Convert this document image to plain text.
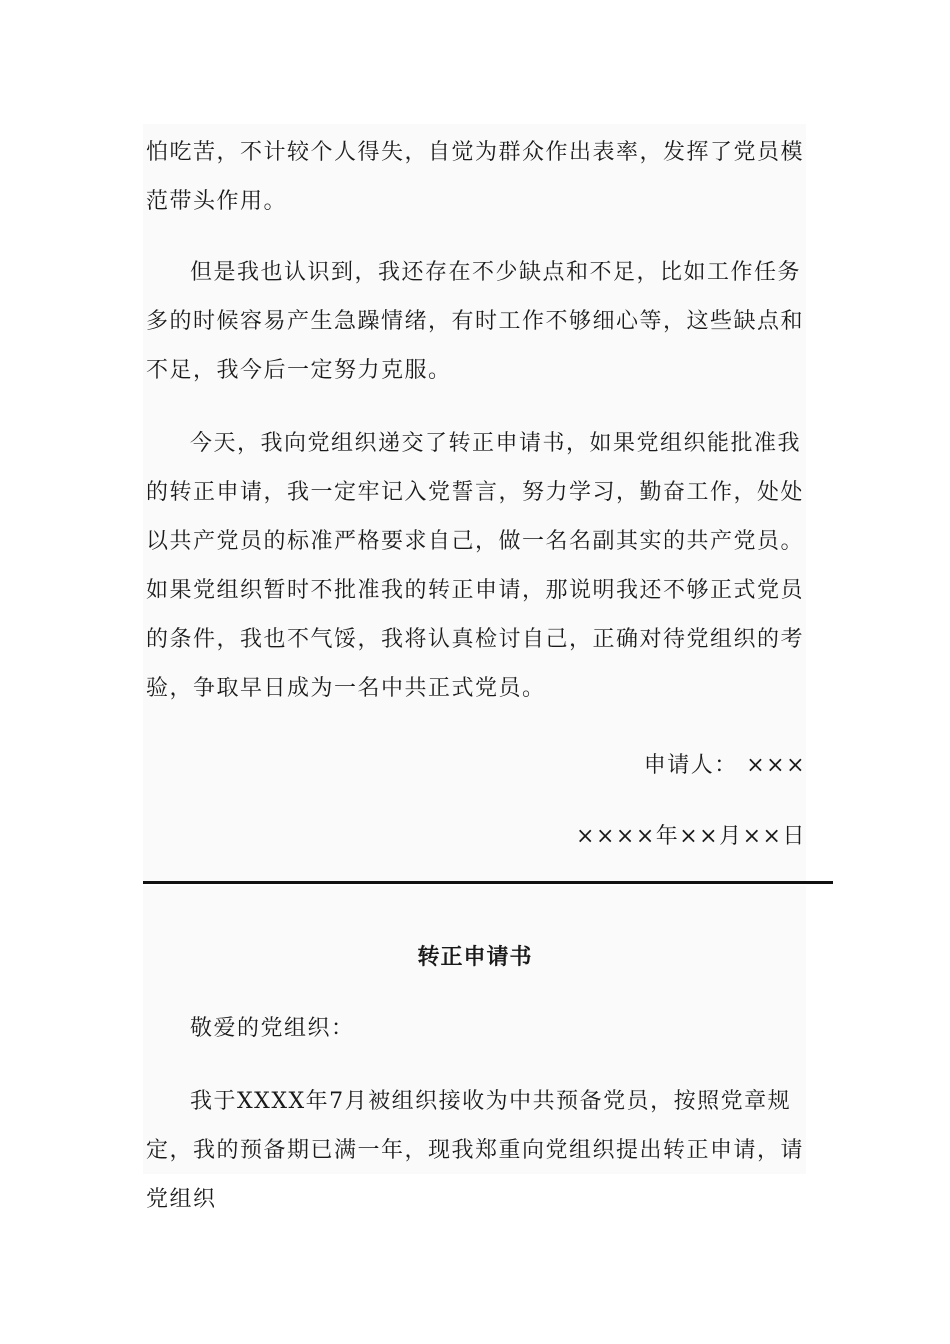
怕吃苦，不计较个人得失，自觉为群众作出表率，发挥了党员模范带头作用。

但是我也认识到，我还存在不少缺点和不足，比如工作任务多的时候容易产生急躁情绪，有时工作不够细心等，这些缺点和不足，我今后一定努力克服。

今天，我向党组织递交了转正申请书，如果党组织能批准我的转正申请，我一定牢记入党誓言，努力学习，勤奋工作，处处以共产党员的标准严格要求自己，做一名名副其实的共产党员。如果党组织暂时不批准我的转正申请，那说明我还不够正式党员的条件，我也不气馁，我将认真检讨自己，正确对待党组织的考验，争取早日成为一名中共正式党员。

申请人： ×××

××××年××月××日

转正申请书

敬爱的党组织：

我于XXXX年7月被组织接收为中共预备党员，按照党章规定，我的预备期已满一年，现我郑重向党组织提出转正申请，请党组织
